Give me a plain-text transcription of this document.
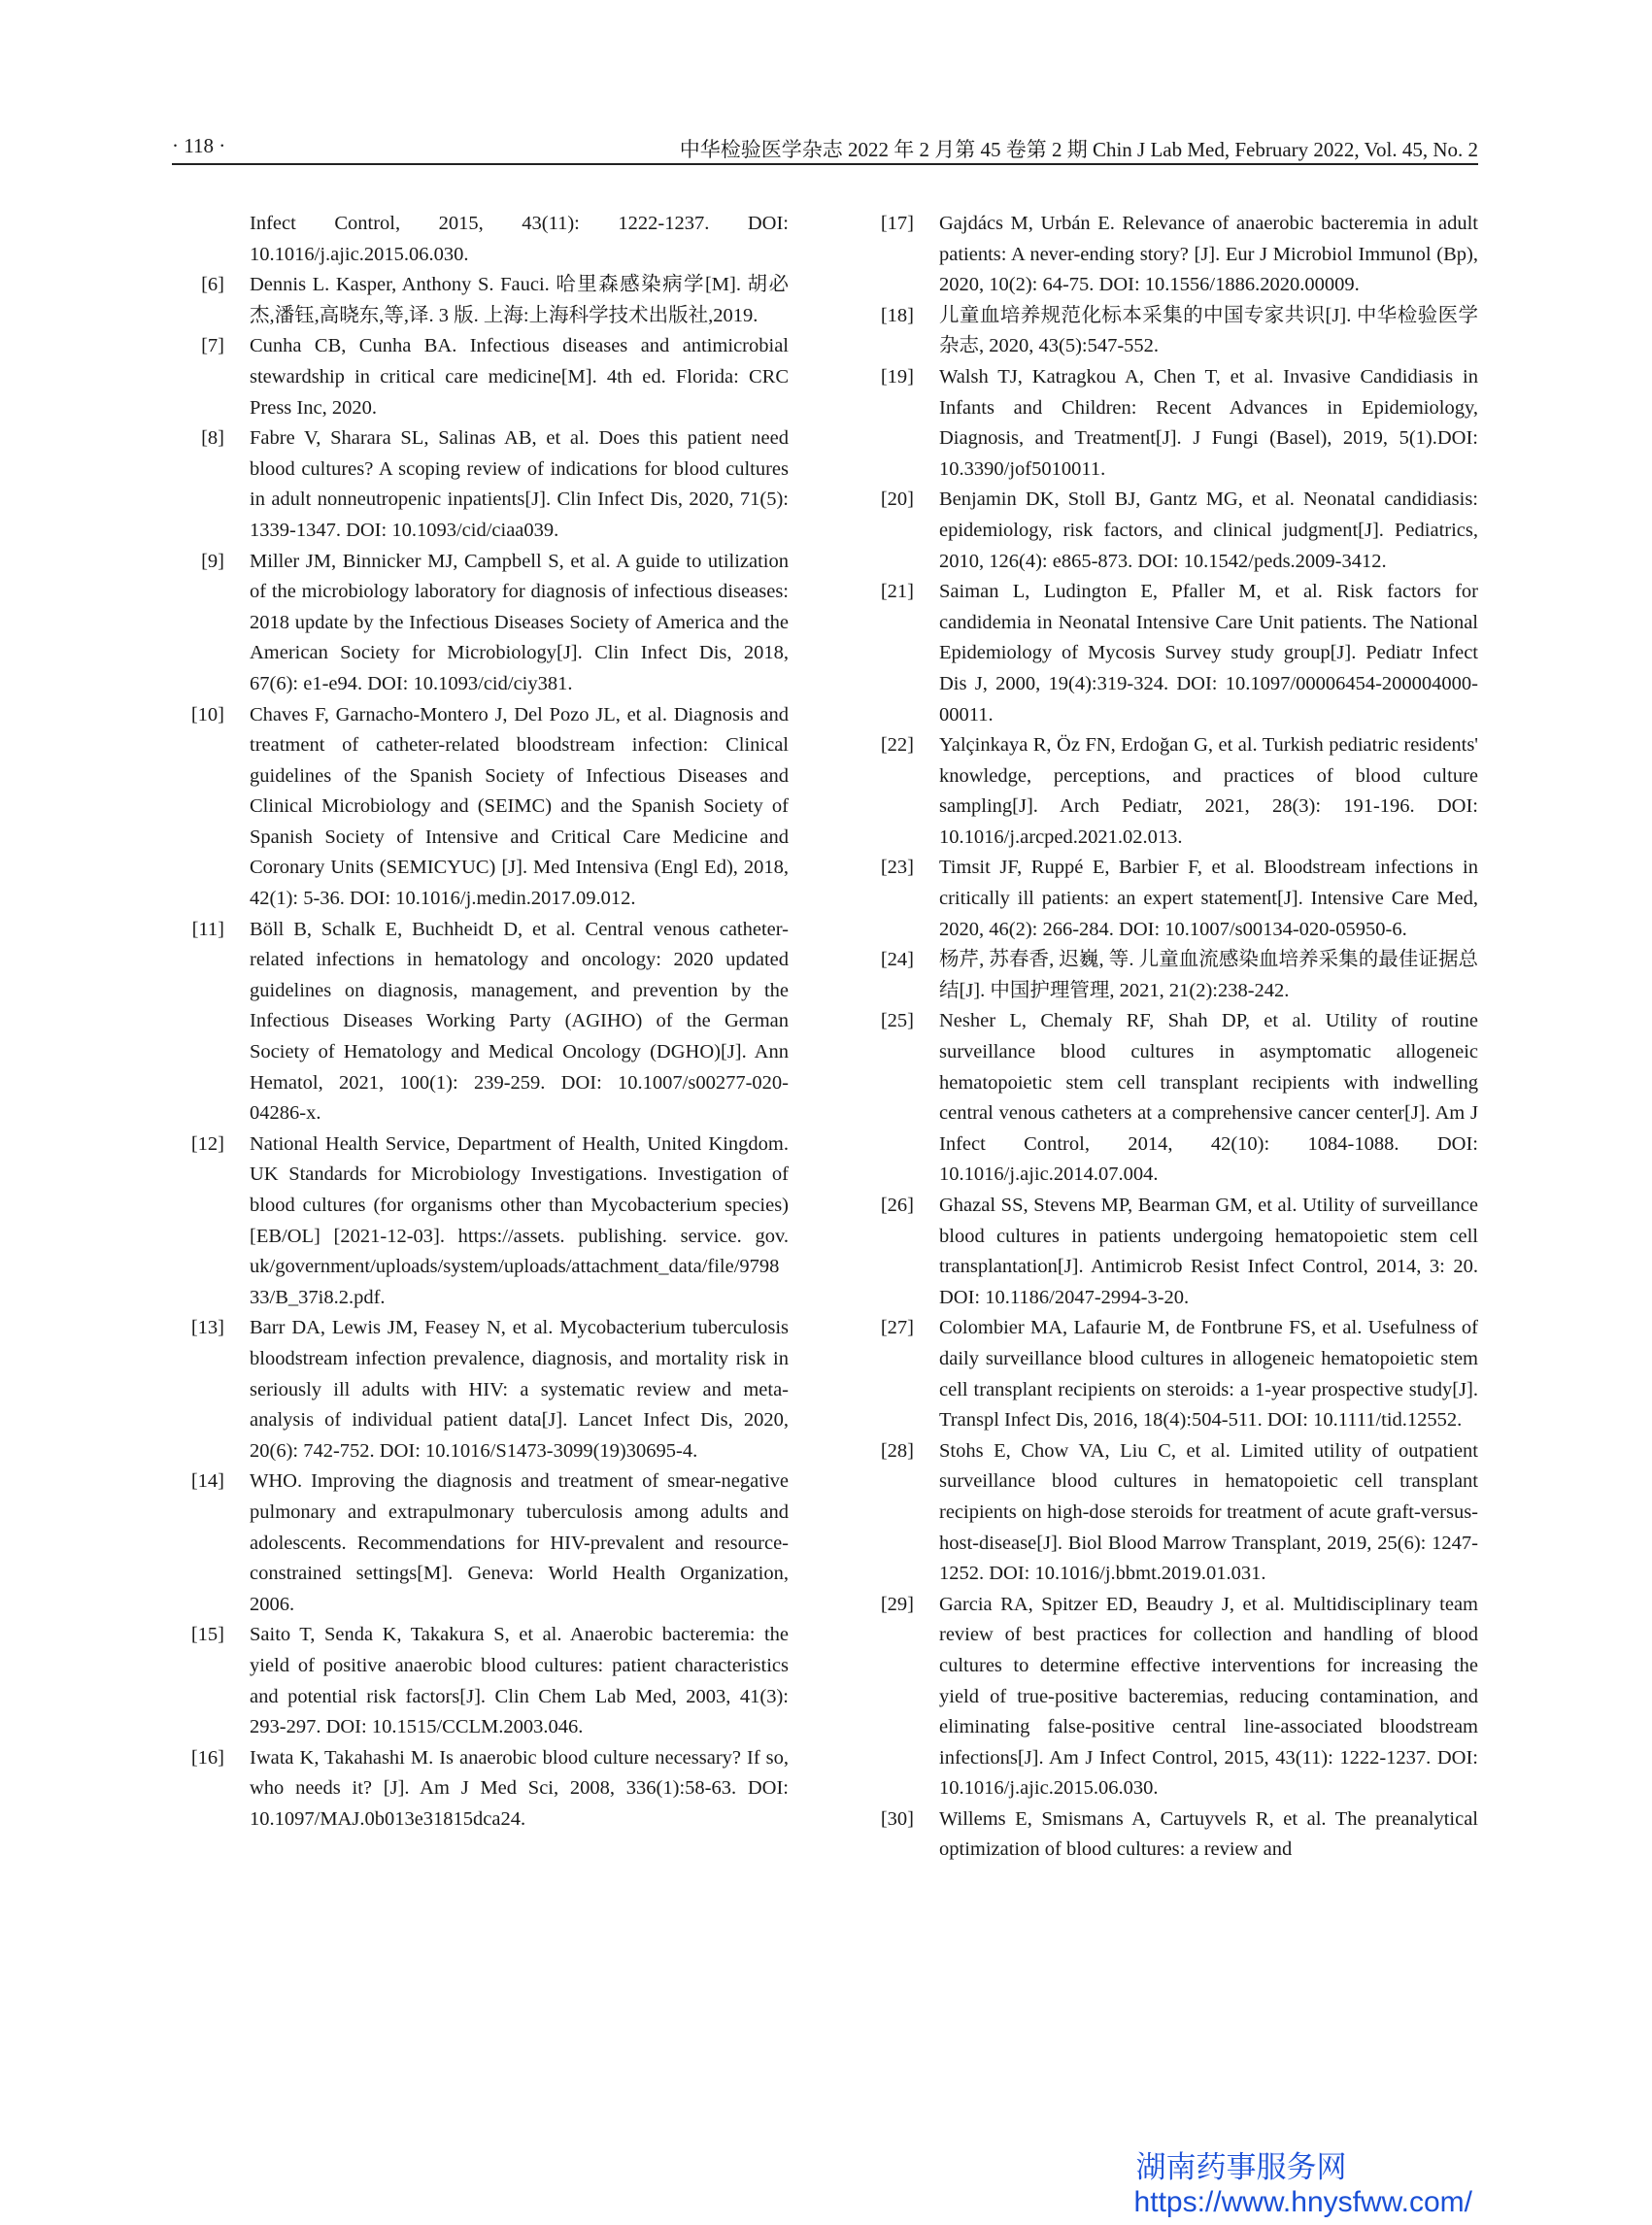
· 118 ·	中华检验医学杂志 2022 年 2 月第 45 卷第 2 期 Chin J Lab Med, February 2022, Vol. 45, No. 2

Infect Control, 2015, 43(11): 1222-1237. DOI: 10.1016/j.ajic.2015.06.030.

[6] Dennis L. Kasper, Anthony S. Fauci. 哈里森感染病学[M]. 胡必杰,潘钰,高晓东,等,译. 3 版. 上海:上海科学技术出版社,2019.

[7] Cunha CB, Cunha BA. Infectious diseases and antimicrobial stewardship in critical care medicine[M]. 4th ed. Florida: CRC Press Inc, 2020.

[8] Fabre V, Sharara SL, Salinas AB, et al. Does this patient need blood cultures? A scoping review of indications for blood cultures in adult nonneutropenic inpatients[J]. Clin Infect Dis, 2020, 71(5): 1339-1347. DOI: 10.1093/cid/ciaa039.

[9] Miller JM, Binnicker MJ, Campbell S, et al. A guide to utilization of the microbiology laboratory for diagnosis of infectious diseases: 2018 update by the Infectious Diseases Society of America and the American Society for Microbiology[J]. Clin Infect Dis, 2018, 67(6): e1-e94. DOI: 10.1093/cid/ciy381.

[10] Chaves F, Garnacho-Montero J, Del Pozo JL, et al. Diagnosis and treatment of catheter-related bloodstream infection: Clinical guidelines of the Spanish Society of Infectious Diseases and Clinical Microbiology and (SEIMC) and the Spanish Society of Spanish Society of Intensive and Critical Care Medicine and Coronary Units (SEMICYUC) [J]. Med Intensiva (Engl Ed), 2018, 42(1): 5-36. DOI: 10.1016/j.medin.2017.09.012.

[11] Böll B, Schalk E, Buchheidt D, et al. Central venous catheter-related infections in hematology and oncology: 2020 updated guidelines on diagnosis, management, and prevention by the Infectious Diseases Working Party (AGIHO) of the German Society of Hematology and Medical Oncology (DGHO)[J]. Ann Hematol, 2021, 100(1): 239-259. DOI: 10.1007/s00277-020-04286-x.

[12] National Health Service, Department of Health, United Kingdom. UK Standards for Microbiology Investigations. Investigation of blood cultures (for organisms other than Mycobacterium species) [EB/OL] [2021-12-03]. https://assets. publishing. service. gov. uk/government/uploads/system/uploads/attachment_data/file/979833/B_37i8.2.pdf.

[13] Barr DA, Lewis JM, Feasey N, et al. Mycobacterium tuberculosis bloodstream infection prevalence, diagnosis, and mortality risk in seriously ill adults with HIV: a systematic review and meta-analysis of individual patient data[J]. Lancet Infect Dis, 2020, 20(6): 742-752. DOI: 10.1016/S1473-3099(19)30695-4.

[14] WHO. Improving the diagnosis and treatment of smear-negative pulmonary and extrapulmonary tuberculosis among adults and adolescents. Recommendations for HIV-prevalent and resource-constrained settings[M]. Geneva: World Health Organization, 2006.

[15] Saito T, Senda K, Takakura S, et al. Anaerobic bacteremia: the yield of positive anaerobic blood cultures: patient characteristics and potential risk factors[J]. Clin Chem Lab Med, 2003, 41(3): 293-297. DOI: 10.1515/CCLM.2003.046.

[16] Iwata K, Takahashi M. Is anaerobic blood culture necessary? If so, who needs it? [J]. Am J Med Sci, 2008, 336(1):58-63. DOI: 10.1097/MAJ.0b013e31815dca24.

[17] Gajdács M, Urbán E. Relevance of anaerobic bacteremia in adult patients: A never-ending story? [J]. Eur J Microbiol Immunol (Bp), 2020, 10(2): 64-75. DOI: 10.1556/1886.2020.00009.

[18] 儿童血培养规范化标本采集的中国专家共识[J]. 中华检验医学杂志, 2020, 43(5):547-552.

[19] Walsh TJ, Katragkou A, Chen T, et al. Invasive Candidiasis in Infants and Children: Recent Advances in Epidemiology, Diagnosis, and Treatment[J]. J Fungi (Basel), 2019, 5(1).DOI: 10.3390/jof5010011.

[20] Benjamin DK, Stoll BJ, Gantz MG, et al. Neonatal candidiasis: epidemiology, risk factors, and clinical judgment[J]. Pediatrics, 2010, 126(4): e865-873. DOI: 10.1542/peds.2009-3412.

[21] Saiman L, Ludington E, Pfaller M, et al. Risk factors for candidemia in Neonatal Intensive Care Unit patients. The National Epidemiology of Mycosis Survey study group[J]. Pediatr Infect Dis J, 2000, 19(4):319-324. DOI: 10.1097/00006454-200004000-00011.

[22] Yalçinkaya R, Öz FN, Erdoğan G, et al. Turkish pediatric residents' knowledge, perceptions, and practices of blood culture sampling[J]. Arch Pediatr, 2021, 28(3): 191-196. DOI: 10.1016/j.arcped.2021.02.013.

[23] Timsit JF, Ruppé E, Barbier F, et al. Bloodstream infections in critically ill patients: an expert statement[J]. Intensive Care Med, 2020, 46(2): 266-284. DOI: 10.1007/s00134-020-05950-6.

[24] 杨芹, 苏春香, 迟巍, 等. 儿童血流感染血培养采集的最佳证据总结[J]. 中国护理管理, 2021, 21(2):238-242.

[25] Nesher L, Chemaly RF, Shah DP, et al. Utility of routine surveillance blood cultures in asymptomatic allogeneic hematopoietic stem cell transplant recipients with indwelling central venous catheters at a comprehensive cancer center[J]. Am J Infect Control, 2014, 42(10): 1084-1088. DOI: 10.1016/j.ajic.2014.07.004.

[26] Ghazal SS, Stevens MP, Bearman GM, et al. Utility of surveillance blood cultures in patients undergoing hematopoietic stem cell transplantation[J]. Antimicrob Resist Infect Control, 2014, 3: 20. DOI: 10.1186/2047-2994-3-20.

[27] Colombier MA, Lafaurie M, de Fontbrune FS, et al. Usefulness of daily surveillance blood cultures in allogeneic hematopoietic stem cell transplant recipients on steroids: a 1-year prospective study[J]. Transpl Infect Dis, 2016, 18(4):504-511. DOI: 10.1111/tid.12552.

[28] Stohs E, Chow VA, Liu C, et al. Limited utility of outpatient surveillance blood cultures in hematopoietic cell transplant recipients on high-dose steroids for treatment of acute graft-versus-host-disease[J]. Biol Blood Marrow Transplant, 2019, 25(6): 1247-1252. DOI: 10.1016/j.bbmt.2019.01.031.

[29] Garcia RA, Spitzer ED, Beaudry J, et al. Multidisciplinary team review of best practices for collection and handling of blood cultures to determine effective interventions for increasing the yield of true-positive bacteremias, reducing contamination, and eliminating false-positive central line-associated bloodstream infections[J]. Am J Infect Control, 2015, 43(11): 1222-1237. DOI: 10.1016/j.ajic.2015.06.030.

[30] Willems E, Smismans A, Cartuyvels R, et al. The preanalytical optimization of blood cultures: a review and

湖南药事服务网
https://www.hnysfww.com/
